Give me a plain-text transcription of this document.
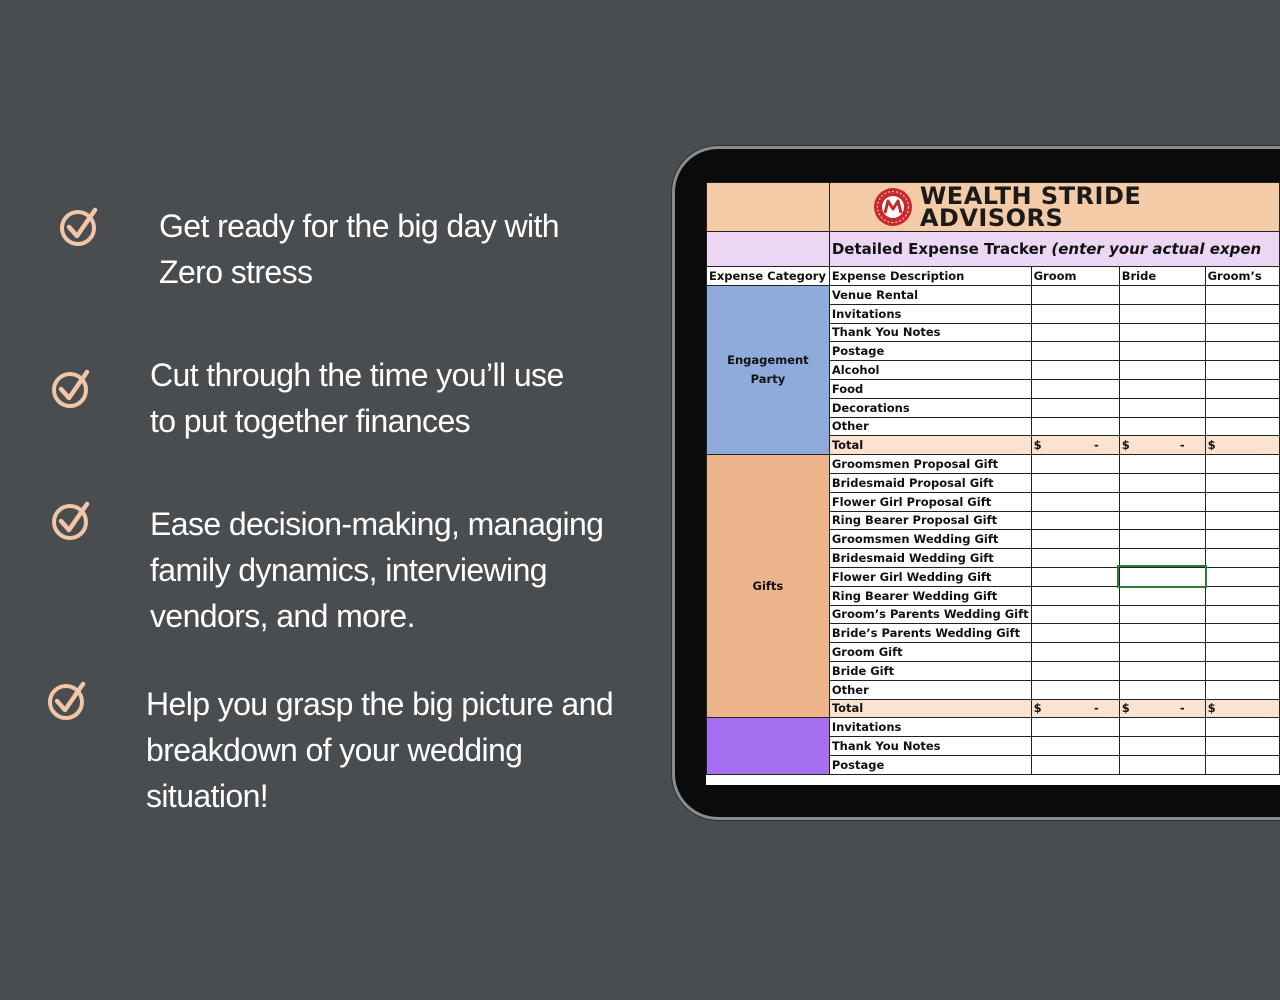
Get ready for the big day with
Zero stress
Cut through the time you’ll use
to put together finances
Ease decision-making, managing
family dynamics, interviewing
vendors, and more.
Help you grasp the big picture and
breakdown of your wedding
situation!

	WEALTH STRIDE
ADVISORS			

	Detailed Expense Tracker (enter your actual expen			
Expense Category	Expense Description	Groom	Bride	Groom’s
Engagement
Party	Venue Rental			
	Invitations			
	Thank You Notes			
	Postage			
	Alcohol			
	Food			
	Decorations			
	Other			
	Total	$ -	$ -	$

Gifts	Groomsmen Proposal Gift			
	Bridesmaid Proposal Gift			
	Flower Girl Proposal Gift			
	Ring Bearer Proposal Gift			
	Groomsmen Wedding Gift			
	Bridesmaid Wedding Gift			
	Flower Girl Wedding Gift			
	Ring Bearer Wedding Gift			
	Groom’s Parents Wedding Gift			
	Bride’s Parents Wedding Gift			
	Groom Gift			
	Bride Gift			
	Other			
	Total	$ -	$ -	$

	Invitations			
	Thank You Notes			
	Postage			
